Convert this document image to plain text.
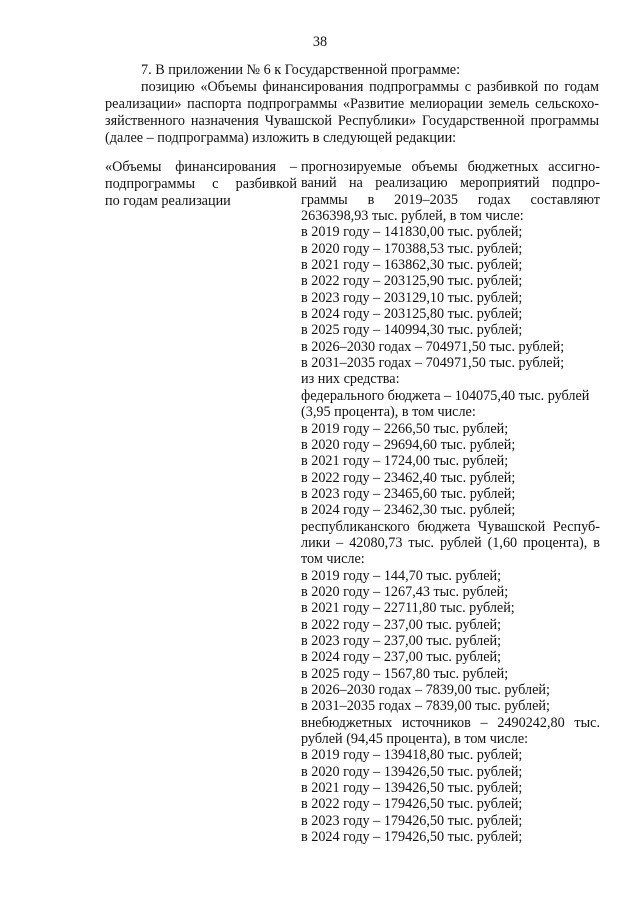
38
7. В приложении № 6 к Государственной программе:
позицию «Объемы финансирования подпрограммы с разбивкой по годам
реализации» паспорта подпрограммы «Развитие мелиорации земель сельскохо-
зяйственного назначения Чувашской Республики» Государственной программы
(далее – подпрограмма) изложить в следующей редакции:
«Объемы финансирования –
подпрограммы с разбивкой
по годам реализации
прогнозируемые объемы бюджетных ассигно-
ваний на реализацию мероприятий подпро-
граммы в 2019–2035 годах составляют
2636398,93 тыс. рублей, в том числе:
в 2019 году – 141830,00 тыс. рублей;
в 2020 году – 170388,53 тыс. рублей;
в 2021 году – 163862,30 тыс. рублей;
в 2022 году – 203125,90 тыс. рублей;
в 2023 году – 203129,10 тыс. рублей;
в 2024 году – 203125,80 тыс. рублей;
в 2025 году – 140994,30 тыс. рублей;
в 2026–2030 годах – 704971,50 тыс. рублей;
в 2031–2035 годах – 704971,50 тыс. рублей;
из них средства:
федерального бюджета – 104075,40 тыс. рублей
(3,95 процента), в том числе:
в 2019 году – 2266,50 тыс. рублей;
в 2020 году – 29694,60 тыс. рублей;
в 2021 году – 1724,00 тыс. рублей;
в 2022 году – 23462,40 тыс. рублей;
в 2023 году – 23465,60 тыс. рублей;
в 2024 году – 23462,30 тыс. рублей;
республиканского бюджета Чувашской Респуб-
лики – 42080,73 тыс. рублей (1,60 процента), в
том числе:
в 2019 году – 144,70 тыс. рублей;
в 2020 году – 1267,43 тыс. рублей;
в 2021 году – 22711,80 тыс. рублей;
в 2022 году – 237,00 тыс. рублей;
в 2023 году – 237,00 тыс. рублей;
в 2024 году – 237,00 тыс. рублей;
в 2025 году – 1567,80 тыс. рублей;
в 2026–2030 годах – 7839,00 тыс. рублей;
в 2031–2035 годах – 7839,00 тыс. рублей;
внебюджетных источников – 2490242,80 тыс.
рублей (94,45 процента), в том числе:
в 2019 году – 139418,80 тыс. рублей;
в 2020 году – 139426,50 тыс. рублей;
в 2021 году – 139426,50 тыс. рублей;
в 2022 году – 179426,50 тыс. рублей;
в 2023 году – 179426,50 тыс. рублей;
в 2024 году – 179426,50 тыс. рублей;
